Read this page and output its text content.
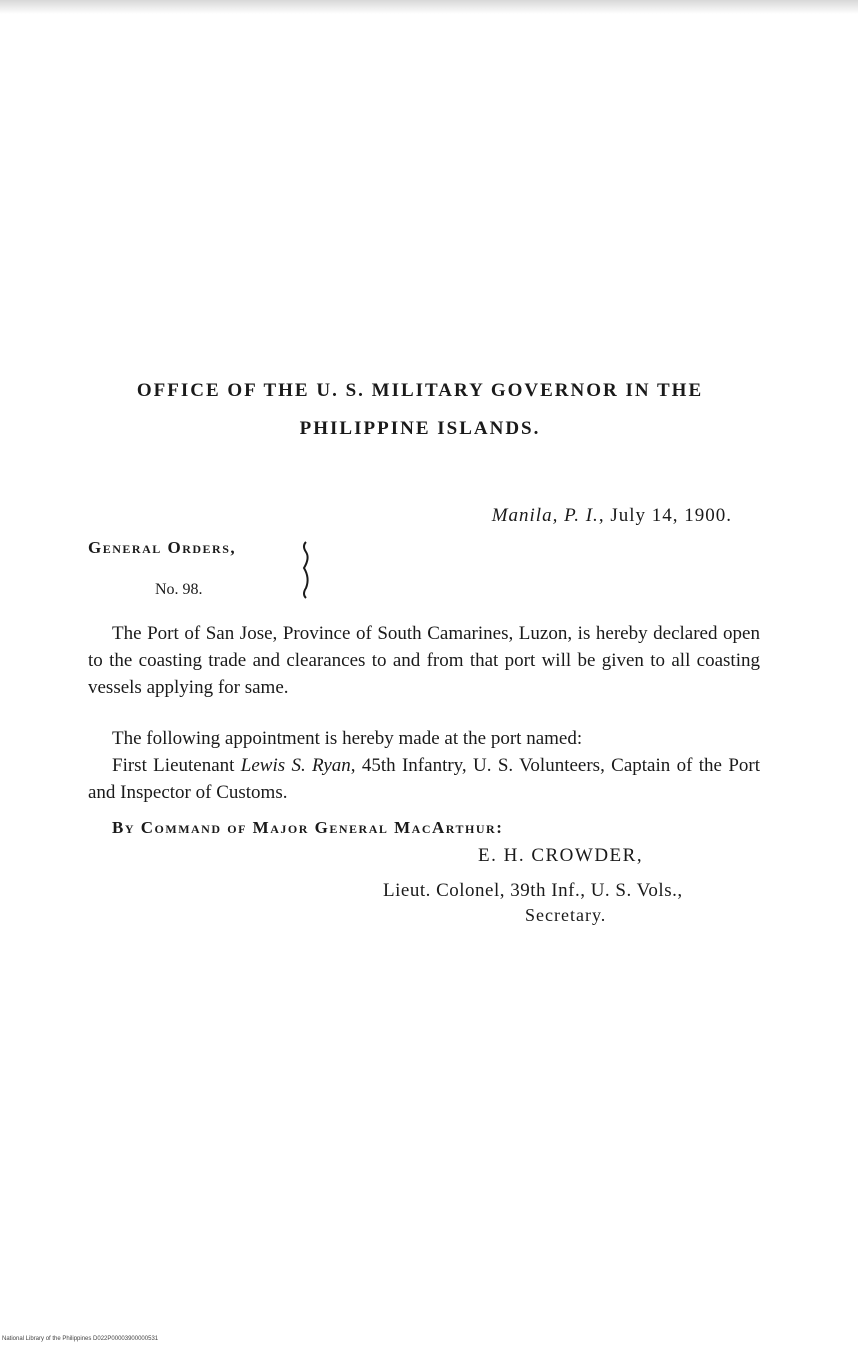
OFFICE OF THE U. S. MILITARY GOVERNOR IN THE
PHILIPPINE ISLANDS.
Manila, P. I., July 14, 1900.
General Orders,
No. 98.
The Port of San Jose, Province of South Camarines, Luzon, is hereby declared open to the coasting trade and clearances to and from that port will be given to all coasting vessels applying for same.
The following appointment is hereby made at the port named:
First Lieutenant Lewis S. Ryan, 45th Infantry, U. S. Volunteers, Captain of the Port and Inspector of Customs.
By Command of Major General MacArthur:
E. H. CROWDER,
Lieut. Colonel, 39th Inf., U. S. Vols.,
Secretary.
National Library of the Philippines D022P00003900000531
